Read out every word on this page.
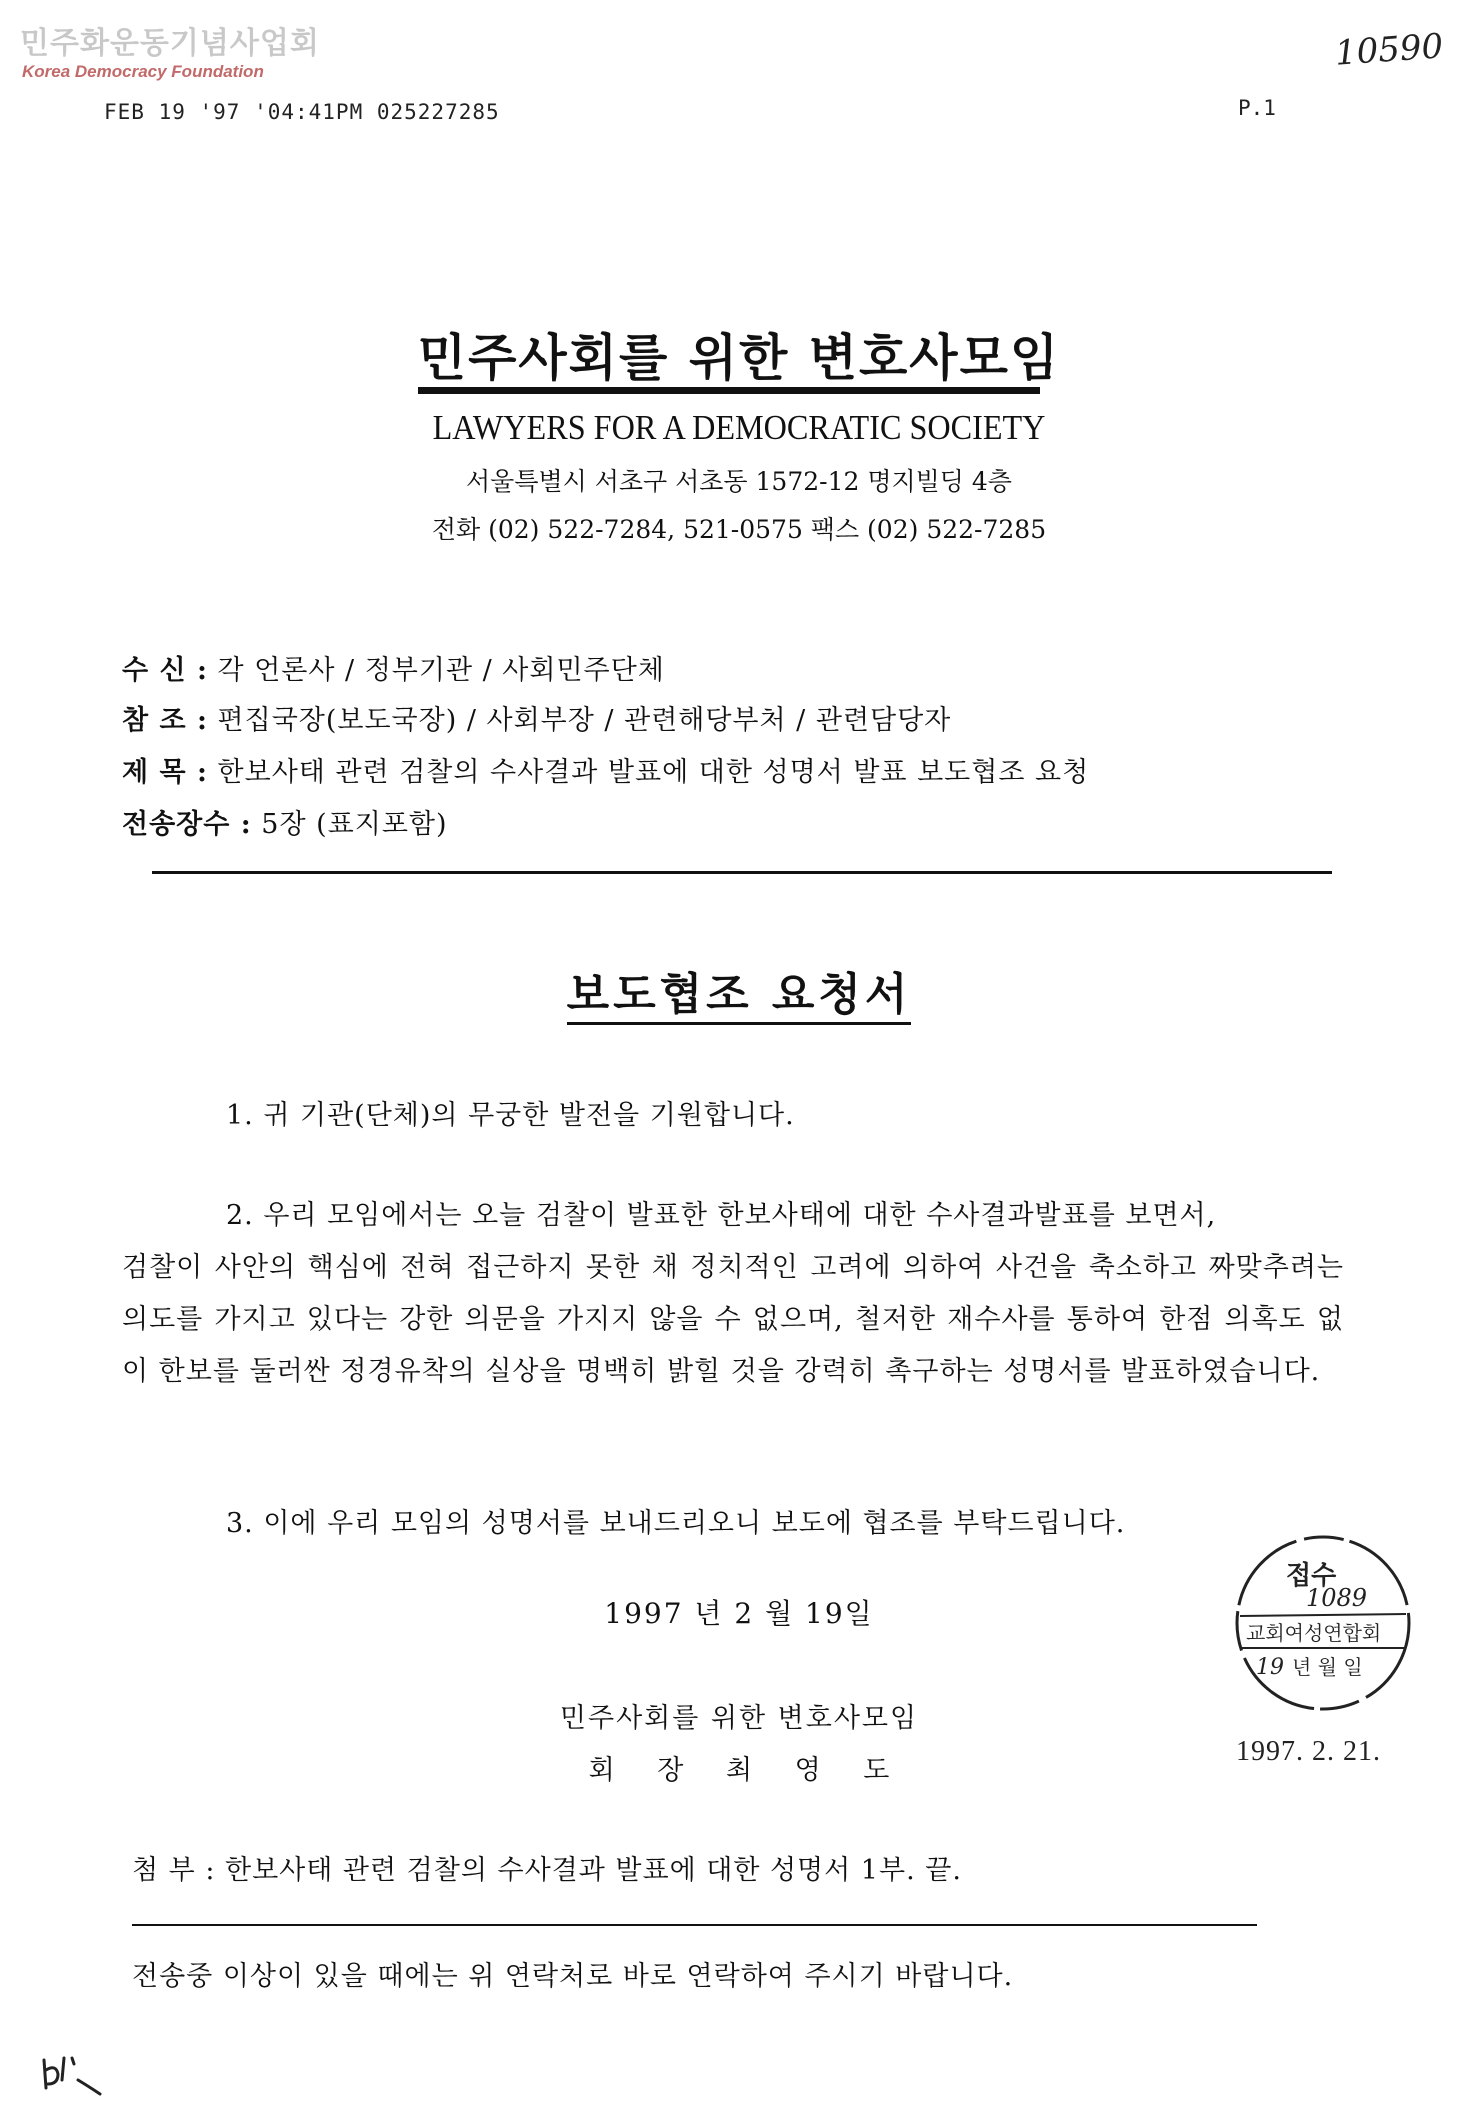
민주화운동기념사업회
Korea Democracy Foundation	10590
FEB 19 '97 '04:41PM 025227285	P.1
민주사회를 위한 변호사모임
LAWYERS FOR A DEMOCRATIC SOCIETY
서울특별시 서초구 서초동 1572-12 명지빌딩 4층
전화 (02) 522-7284, 521-0575 팩스 (02) 522-7285
수 신 : 각 언론사 / 정부기관 / 사회민주단체
참 조 : 편집국장(보도국장) / 사회부장 / 관련해당부처 / 관련담당자
제 목 : 한보사태 관련 검찰의 수사결과 발표에 대한 성명서 발표 보도협조 요청
전송장수 : 5장 (표지포함)
보도협조 요청서
1. 귀 기관(단체)의 무궁한 발전을 기원합니다.
2. 우리 모임에서는 오늘 검찰이 발표한 한보사태에 대한 수사결과발표를 보면서,
검찰이 사안의 핵심에 전혀 접근하지 못한 채 정치적인 고려에 의하여 사건을 축소하고 짜맞추려는 의도를 가지고 있다는 강한 의문을 가지지 않을 수 없으며, 철저한 재수사를 통하여 한점 의혹도 없이 한보를 둘러싼 정경유착의 실상을 명백히 밝힐 것을 강력히 촉구하는 성명서를 발표하였습니다.
3. 이에 우리 모임의 성명서를 보내드리오니 보도에 협조를 부탁드립니다.
1997 년 2 월 19일
민주사회를 위한 변호사모임
회 장 최 영 도
접수
1089
교회여성연합회
19 년 월 일
1997. 2. 21.
첨 부 : 한보사태 관련 검찰의 수사결과 발표에 대한 성명서 1부. 끝.
전송중 이상이 있을 때에는 위 연락처로 바로 연락하여 주시기 바랍니다.
